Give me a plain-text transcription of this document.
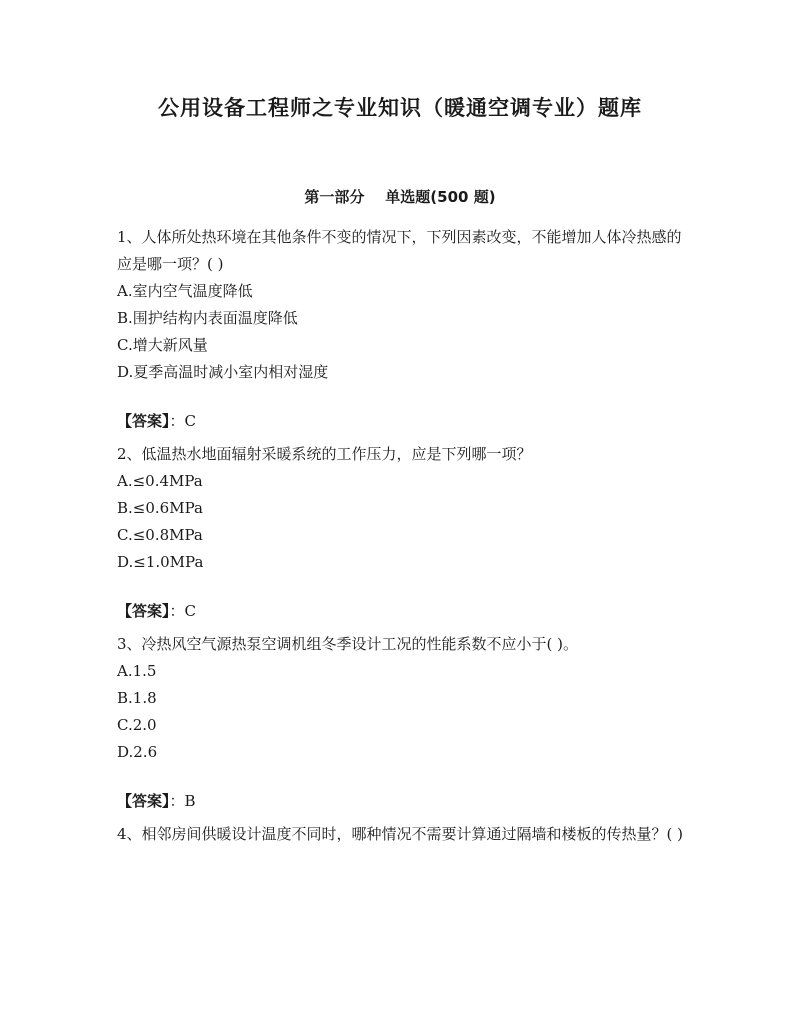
公用设备工程师之专业知识（暖通空调专业）题库
第一部分    单选题(500 题)
1、人体所处热环境在其他条件不变的情况下，下列因素改变，不能增加人体冷热感的应是哪一项？( )
A.室内空气温度降低
B.围护结构内表面温度降低
C.增大新风量
D.夏季高温时减小室内相对湿度
【答案】：C
2、低温热水地面辐射采暖系统的工作压力，应是下列哪一项？
A.≤0.4MPa
B.≤0.6MPa
C.≤0.8MPa
D.≤1.0MPa
【答案】：C
3、冷热风空气源热泵空调机组冬季设计工况的性能系数不应小于( )。
A.1.5
B.1.8
C.2.0
D.2.6
【答案】：B
4、相邻房间供暖设计温度不同时，哪种情况不需要计算通过隔墙和楼板的传热量？( )
